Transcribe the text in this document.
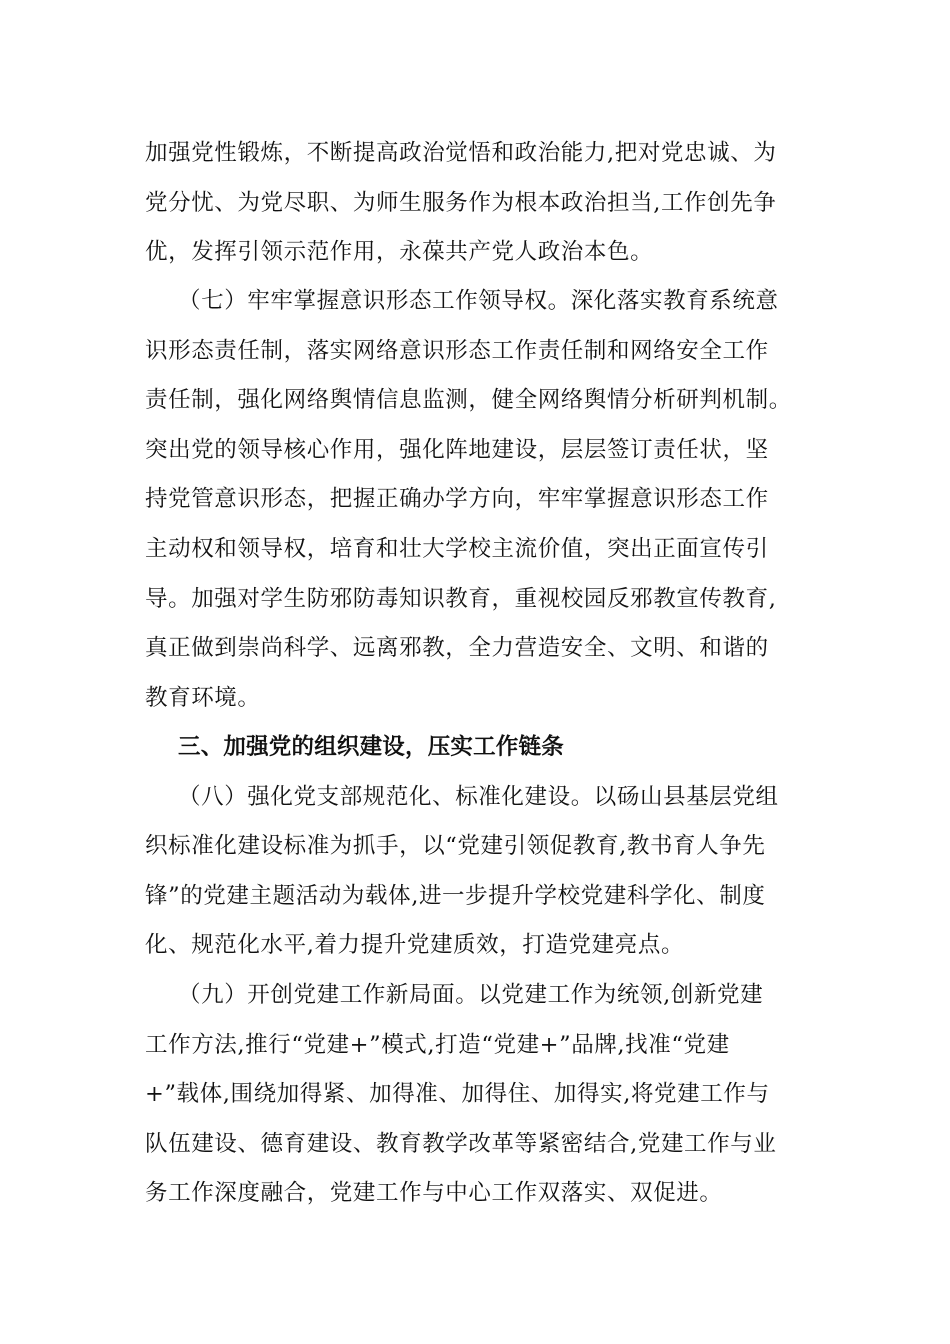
加强党性锻炼，不断提高政治觉悟和政治能力,把对党忠诚、为
党分忧、为党尽职、为师生服务作为根本政治担当,工作创先争
优，发挥引领示范作用，永葆共产党人政治本色。
（七）牢牢掌握意识形态工作领导权。深化落实教育系统意
识形态责任制，落实网络意识形态工作责任制和网络安全工作
责任制，强化网络舆情信息监测，健全网络舆情分析研判机制。
突出党的领导核心作用，强化阵地建设，层层签订责任状，坚
持党管意识形态，把握正确办学方向，牢牢掌握意识形态工作
主动权和领导权，培育和壮大学校主流价值，突出正面宣传引
导。加强对学生防邪防毒知识教育，重视校园反邪教宣传教育,
真正做到崇尚科学、远离邪教，全力营造安全、文明、和谐的
教育环境。
三、加强党的组织建设，压实工作链条
（八）强化党支部规范化、标准化建设。以砀山县基层党组
织标准化建设标准为抓手，以“党建引领促教育,教书育人争先
锋”的党建主题活动为载体,进一步提升学校党建科学化、制度
化、规范化水平,着力提升党建质效，打造党建亮点。
（九）开创党建工作新局面。以党建工作为统领,创新党建
工作方法,推行“党建+”模式,打造“党建+”品牌,找准“党建
+”载体,围绕加得紧、加得准、加得住、加得实,将党建工作与
队伍建设、德育建设、教育教学改革等紧密结合,党建工作与业
务工作深度融合，党建工作与中心工作双落实、双促进。
